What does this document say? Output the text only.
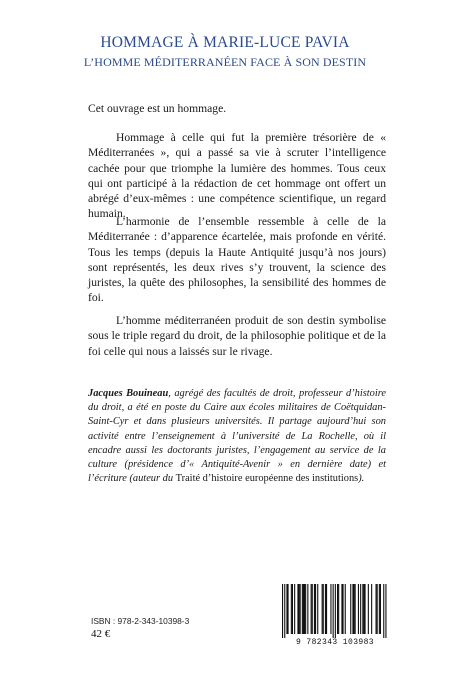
HOMMAGE À MARIE-LUCE PAVIA
L’HOMME MÉDITERRANÉEN FACE À SON DESTIN
Cet ouvrage est un hommage.
Hommage à celle qui fut la première trésorière de « Méditerranées », qui a passé sa vie à scruter l’intelligence cachée pour que triomphe la lumière des hommes. Tous ceux qui ont participé à la rédaction de cet hommage ont offert un abrégé d’eux-mêmes : une compétence scientifique, un regard humain.
L’harmonie de l’ensemble ressemble à celle de la Méditerranée : d’apparence écartelée, mais profonde en vérité. Tous les temps (depuis la Haute Antiquité jusqu’à nos jours) sont représentés, les deux rives s’y trouvent, la science des juristes, la quête des philosophes, la sensibilité des hommes de foi.
L’homme méditerranéen produit de son destin symbolise sous le triple regard du droit, de la philosophie politique et de la foi celle qui nous a laissés sur le rivage.
Jacques Bouineau, agrégé des facultés de droit, professeur d’histoire du droit, a été en poste du Caire aux écoles militaires de Coëtquidan-Saint-Cyr et dans plusieurs universités. Il partage aujourd’hui son activité entre l’enseignement à l’université de La Rochelle, où il encadre aussi les doctorants juristes, l’engagement au service de la culture (présidence d’« Antiquité-Avenir » en dernière date) et l’écriture (auteur du Traité d’histoire européenne des institutions).
ISBN : 978-2-343-10398-3
42 €
9 782343 103983
